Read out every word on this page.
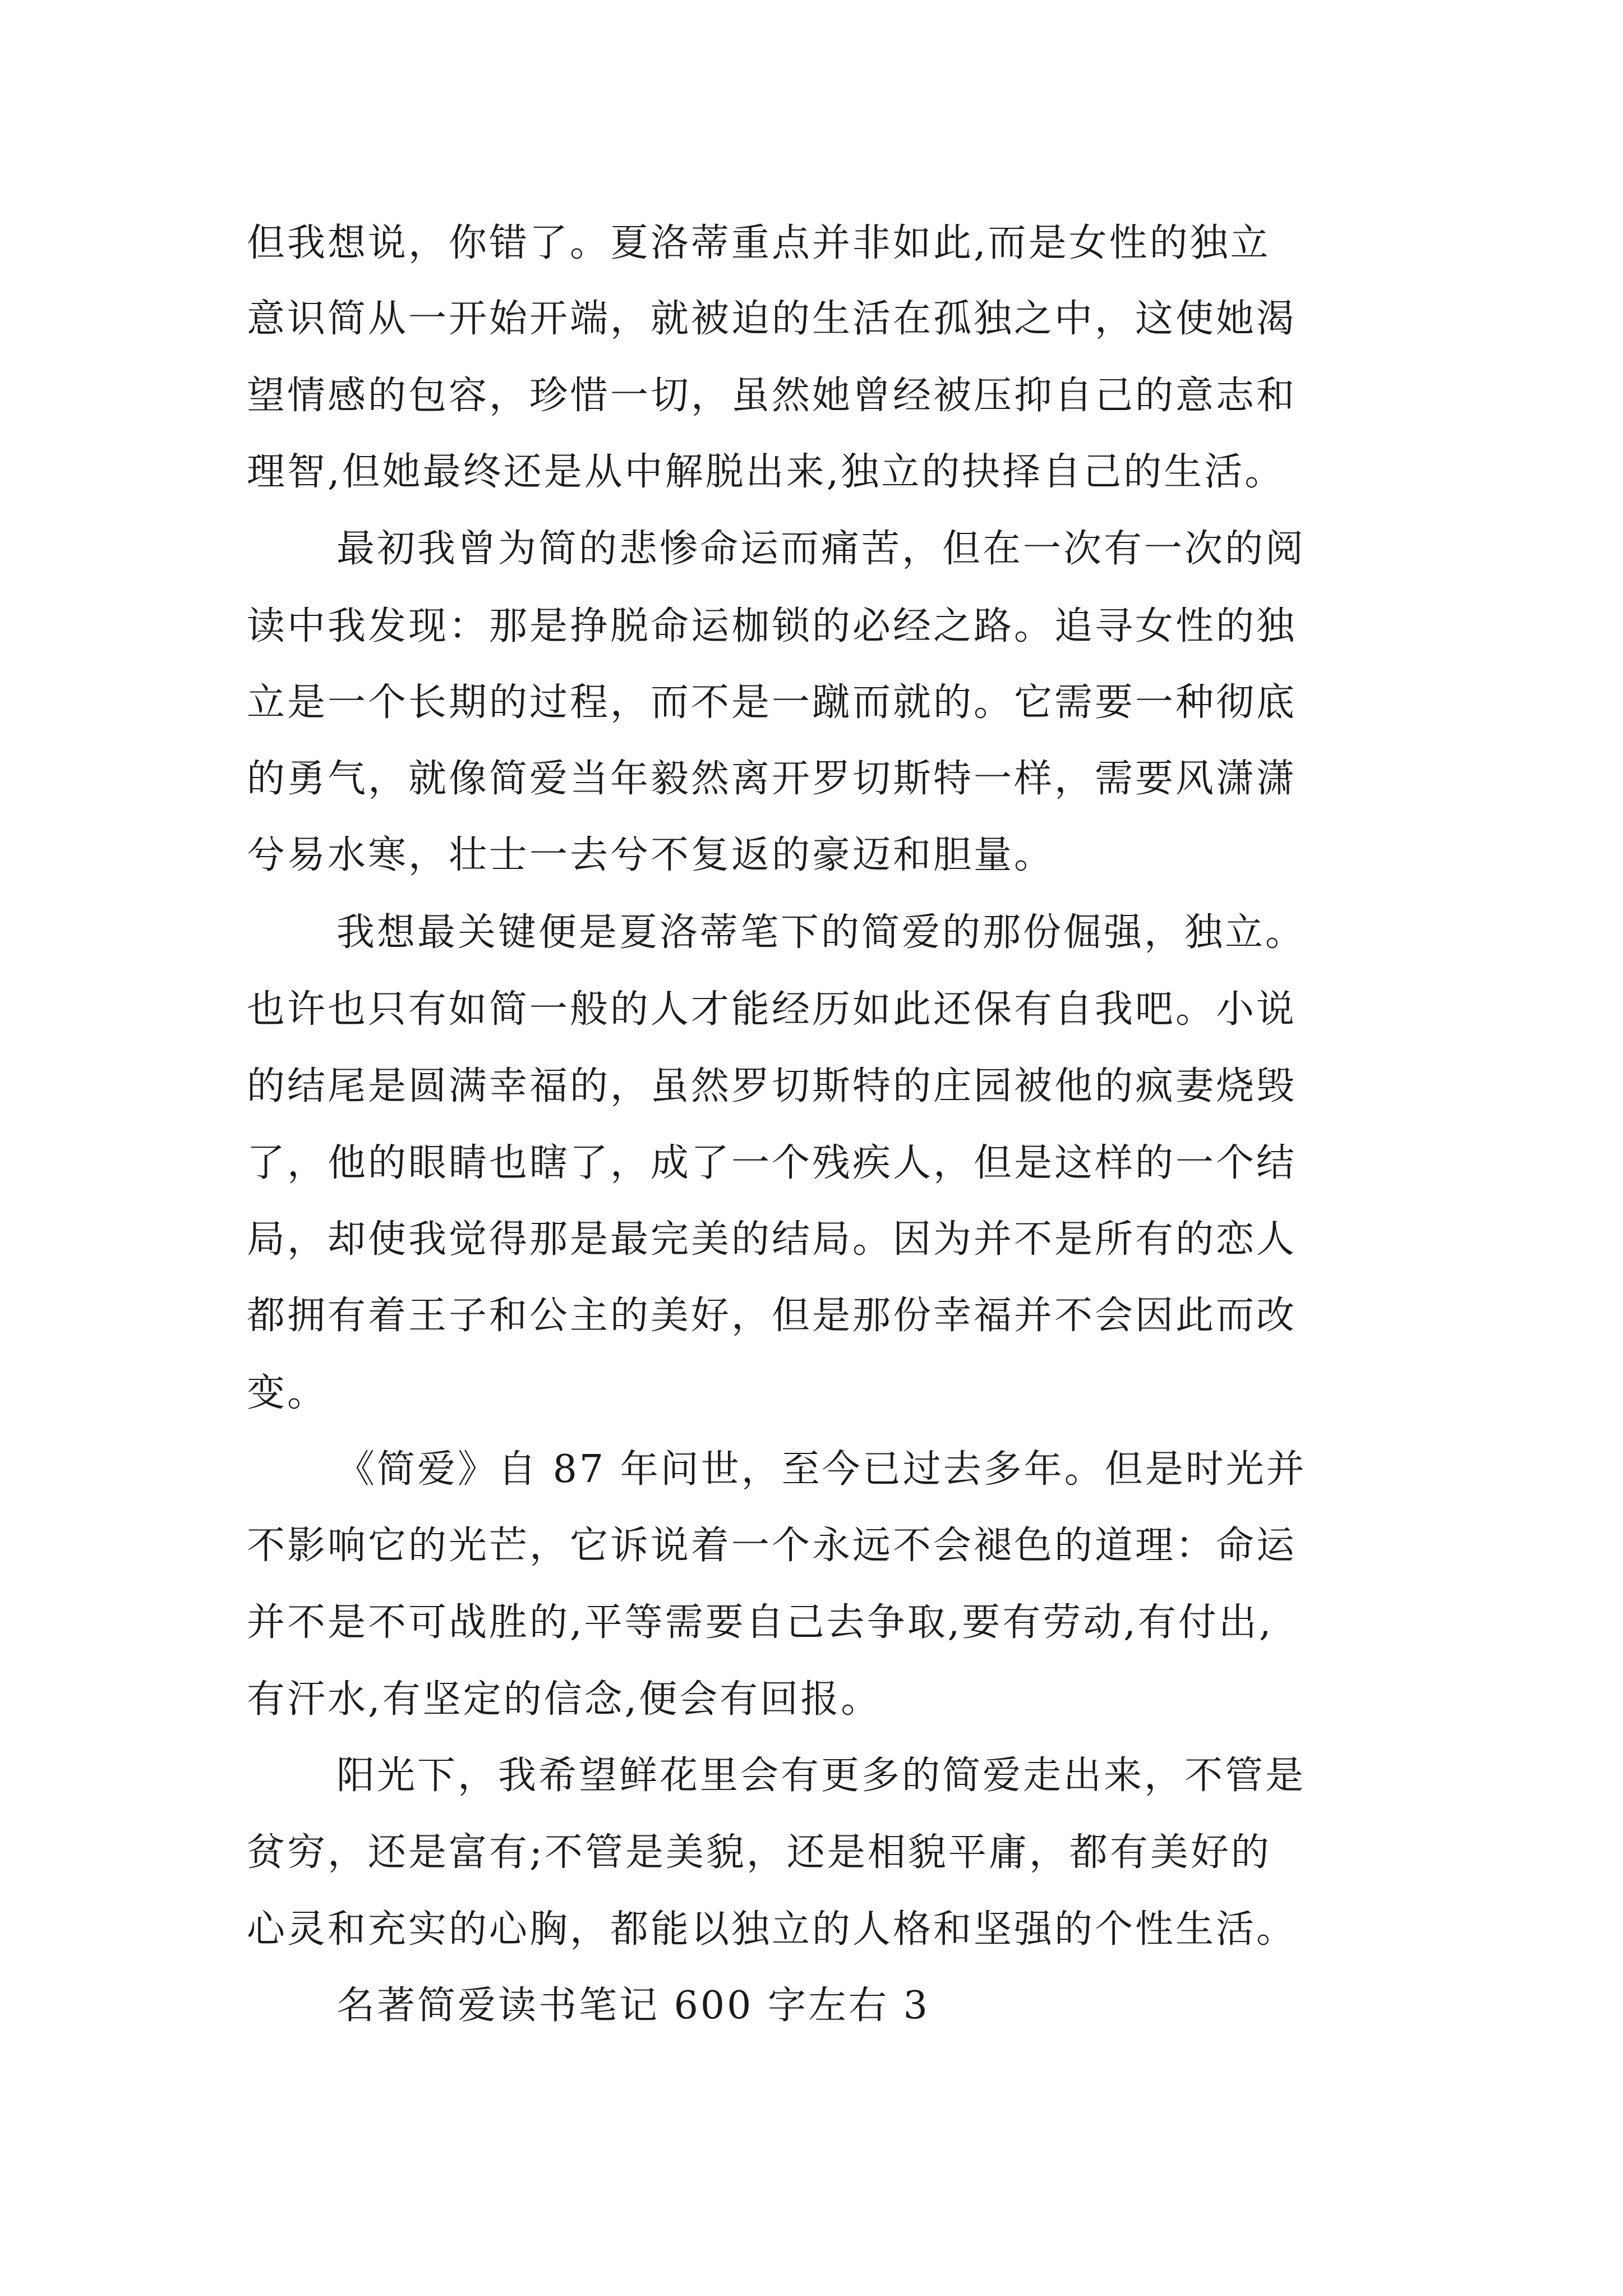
但我想说，你错了。夏洛蒂重点并非如此,而是女性的独立
意识简从一开始开端，就被迫的生活在孤独之中，这使她渴
望情感的包容，珍惜一切，虽然她曾经被压抑自己的意志和
理智,但她最终还是从中解脱出来,独立的抉择自己的生活。
最初我曾为简的悲惨命运而痛苦，但在一次有一次的阅
读中我发现：那是挣脱命运枷锁的必经之路。追寻女性的独
立是一个长期的过程，而不是一蹴而就的。它需要一种彻底
的勇气，就像简爱当年毅然离开罗切斯特一样，需要风潇潇
兮易水寒，壮士一去兮不复返的豪迈和胆量。
我想最关键便是夏洛蒂笔下的简爱的那份倔强，独立。
也许也只有如简一般的人才能经历如此还保有自我吧。小说
的结尾是圆满幸福的，虽然罗切斯特的庄园被他的疯妻烧毁
了，他的眼睛也瞎了，成了一个残疾人，但是这样的一个结
局，却使我觉得那是最完美的结局。因为并不是所有的恋人
都拥有着王子和公主的美好，但是那份幸福并不会因此而改
变。
《简爱》自 87 年问世，至今已过去多年。但是时光并
不影响它的光芒，它诉说着一个永远不会褪色的道理：命运
并不是不可战胜的,平等需要自己去争取,要有劳动,有付出,
有汗水,有坚定的信念,便会有回报。
阳光下，我希望鲜花里会有更多的简爱走出来，不管是
贫穷，还是富有;不管是美貌，还是相貌平庸，都有美好的
心灵和充实的心胸，都能以独立的人格和坚强的个性生活。
名著简爱读书笔记 600 字左右 3
